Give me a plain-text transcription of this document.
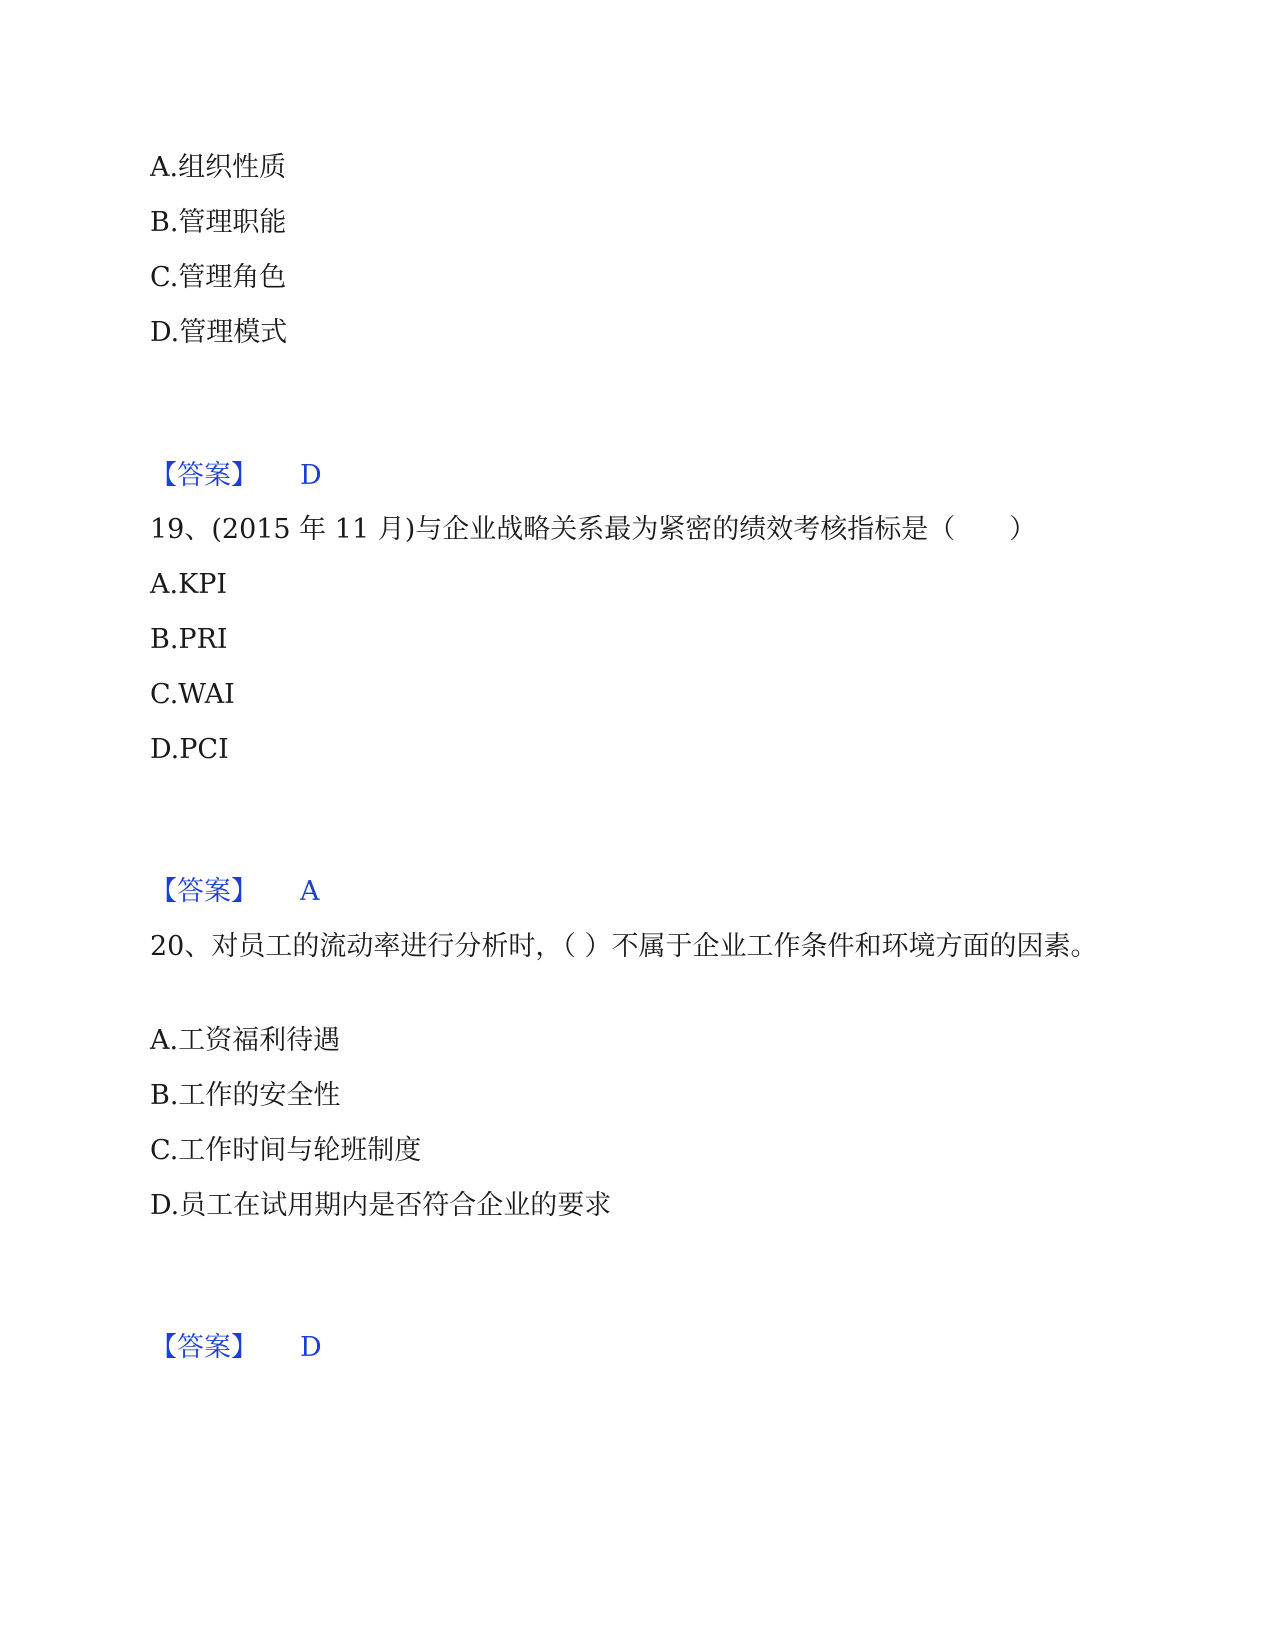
A.组织性质
B.管理职能
C.管理角色
D.管理模式
【答案】 D
19、(2015 年 11 月)与企业战略关系最为紧密的绩效考核指标是（　　）
A.KPI
B.PRI
C.WAI
D.PCI
【答案】 A
20、对员工的流动率进行分析时，（ ）不属于企业工作条件和环境方面的因素。
A.工资福利待遇
B.工作的安全性
C.工作时间与轮班制度
D.员工在试用期内是否符合企业的要求
【答案】 D
